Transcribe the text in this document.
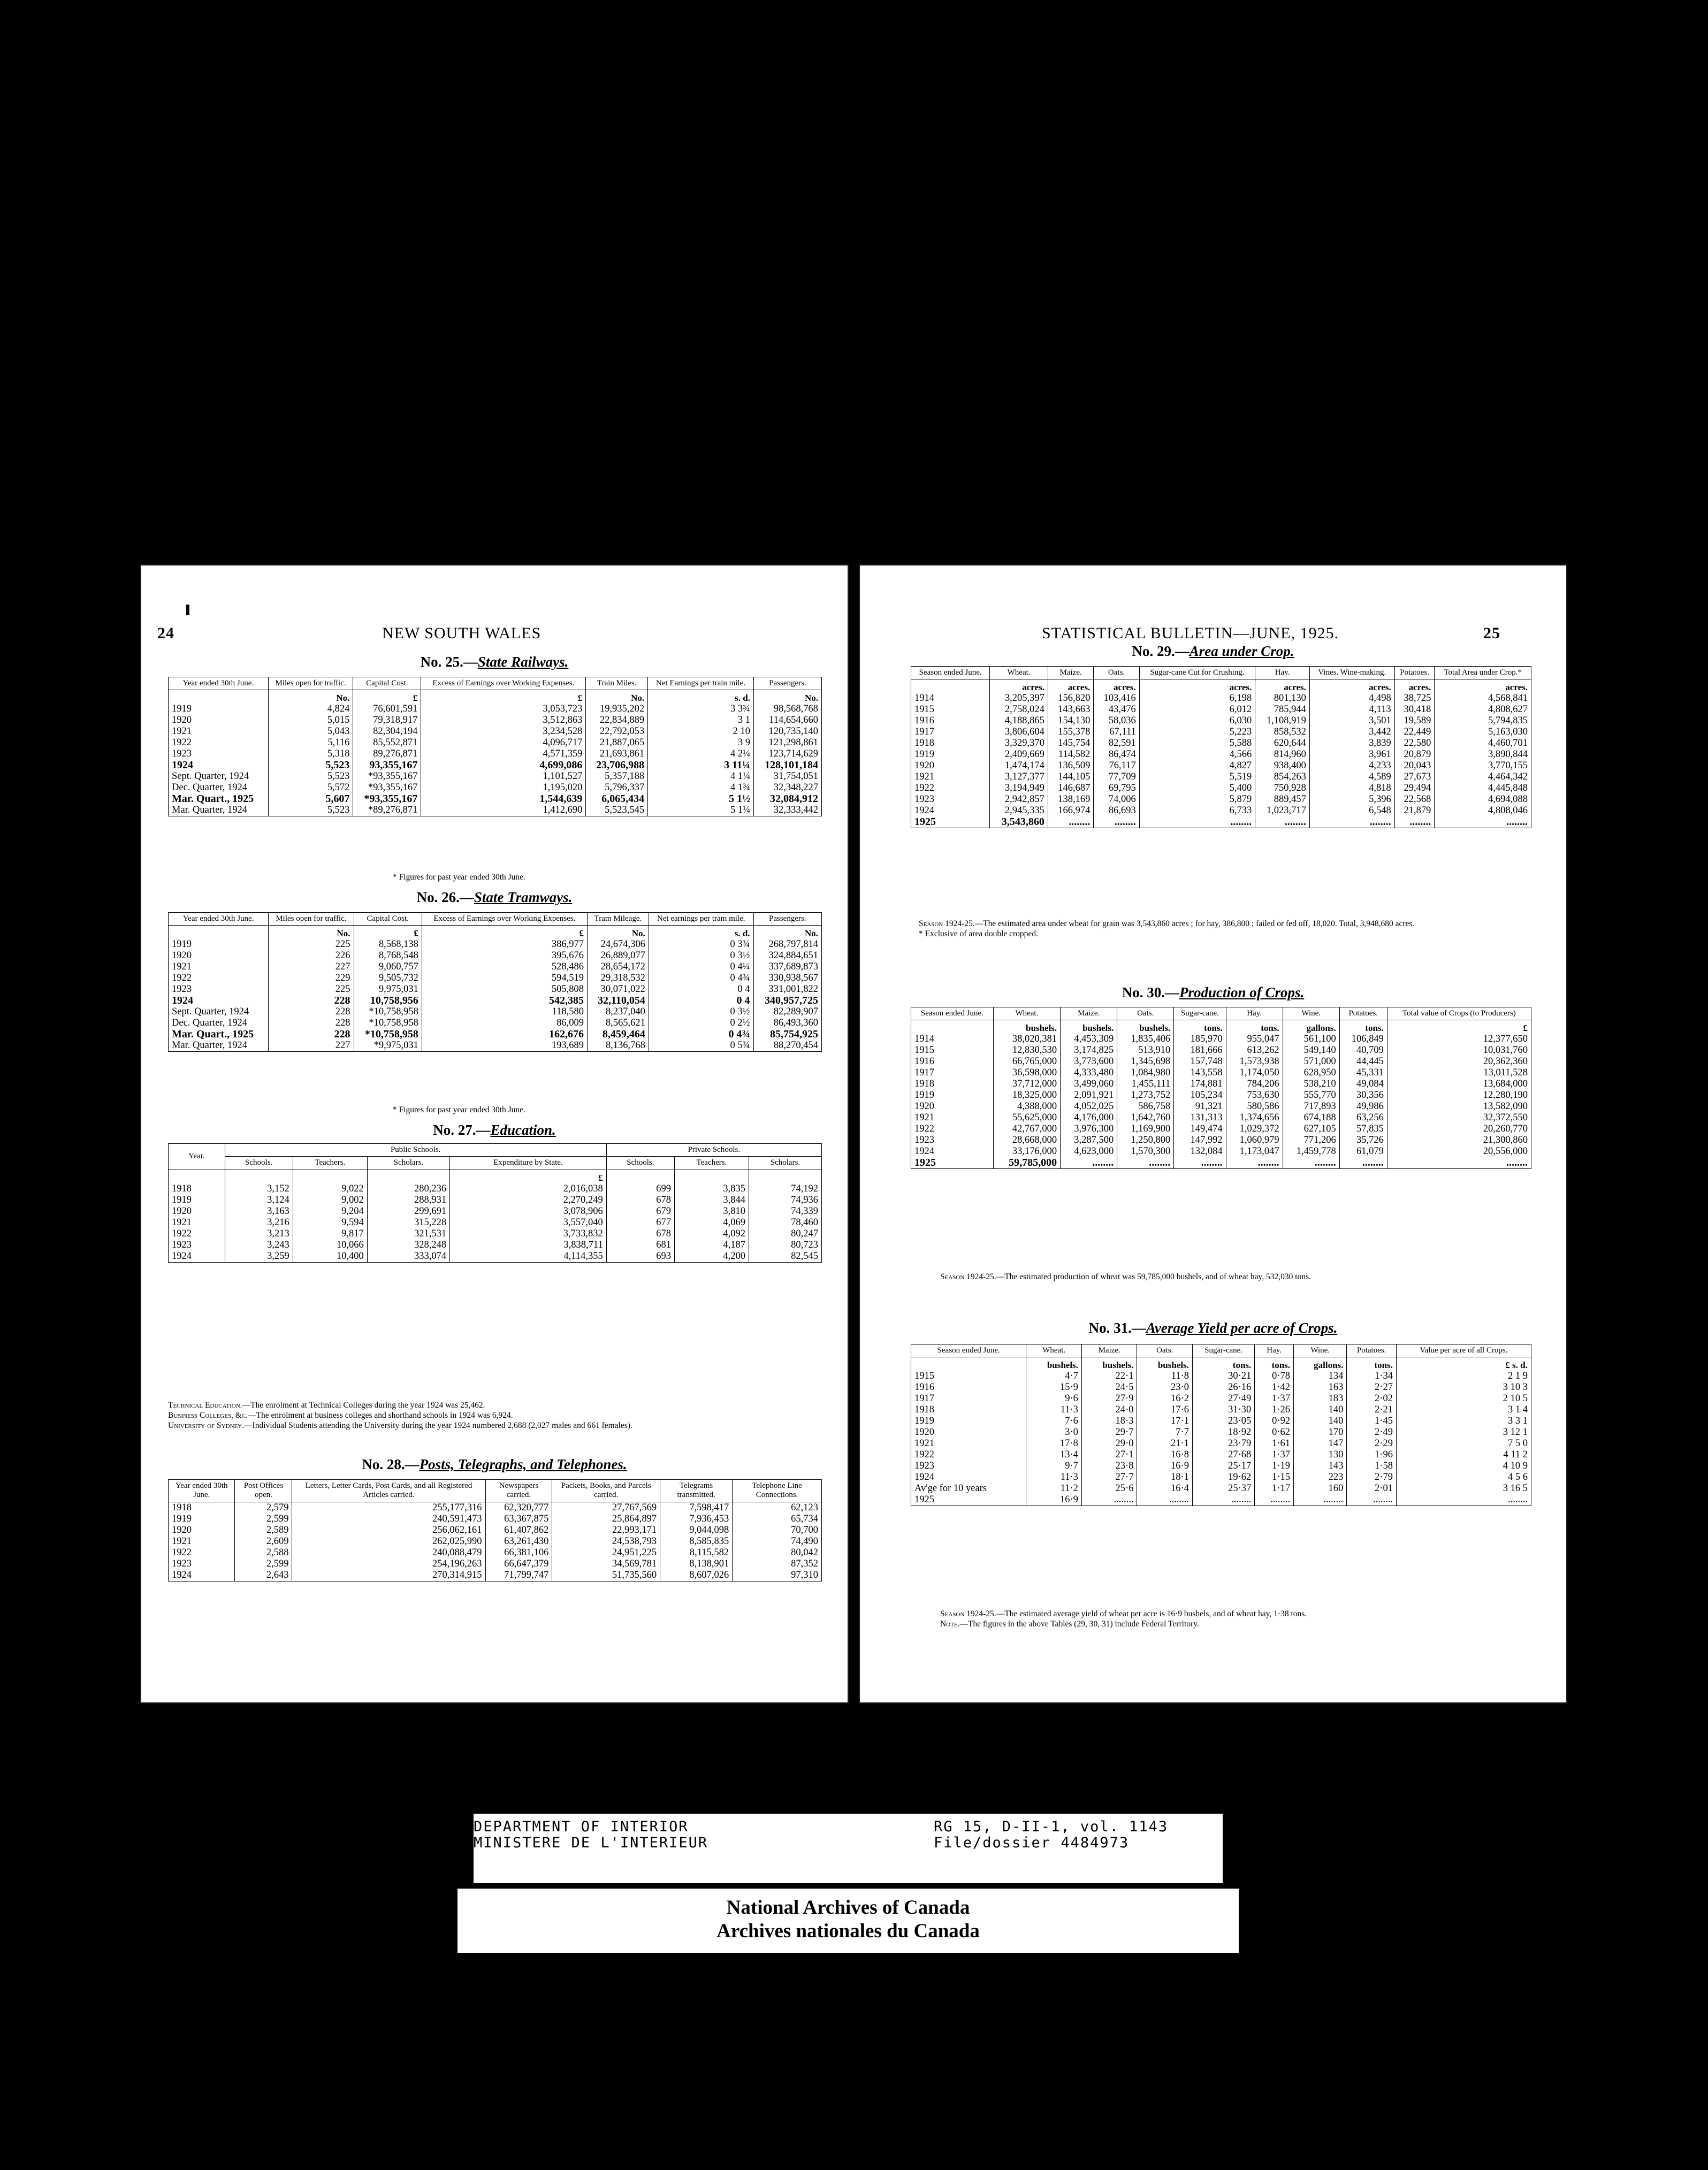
24	NEW SOUTH WALES
No. 25.—State Railways.
Year ended 30th June.	Miles open for traffic.	Capital Cost.	Excess of Earnings over Working Expenses.	Train Miles.	Net Earnings per train mile.	Passengers.
	No.	£	£	No.	s. d.	No.
1919	4,824	76,601,591	3,053,723	19,935,202	3 3¾	98,568,768
1920	5,015	79,318,917	3,512,863	22,834,889	3 1	114,654,660
1921	5,043	82,304,194	3,234,528	22,792,053	2 10	120,735,140
1922	5,116	85,552,871	4,096,717	21,887,065	3 9	121,298,861
1923	5,318	89,276,871	4,571,359	21,693,861	4 2¼	123,714,629
1924	5,523	93,355,167	4,699,086	23,706,988	3 11¼	128,101,184
Sept. Quarter, 1924	5,523	*93,355,167	1,101,527	5,357,188	4 1¼	31,754,051
Dec. Quarter, 1924	5,572	*93,355,167	1,195,020	5,796,337	4 1¾	32,348,227
Mar. Quart., 1925	5,607	*93,355,167	1,544,639	6,065,434	5 1½	32,084,912
Mar. Quarter, 1924	5,523	*89,276,871	1,412,690	5,523,545	5 1¼	32,333,442
* Figures for past year ended 30th June.
No. 26.—State Tramways.
Year ended 30th June.	Miles open for traffic.	Capital Cost.	Excess of Earnings over Working Expenses.	Tram Mileage.	Net earnings per tram mile.	Passengers.
	No.	£	£	No.	s. d.	No.
1919	225	8,568,138	386,977	24,674,306	0 3¾	268,797,814
1920	226	8,768,548	395,676	26,889,077	0 3½	324,884,651
1921	227	9,060,757	528,486	28,654,172	0 4¼	337,689,873
1922	229	9,505,732	594,519	29,318,532	0 4¾	330,938,567
1923	225	9,975,031	505,808	30,071,022	0 4	331,001,822
1924	228	10,758,956	542,385	32,110,054	0 4	340,957,725
Sept. Quarter, 1924	228	*10,758,958	118,580	8,237,040	0 3½	82,289,907
Dec. Quarter, 1924	228	*10,758,958	86,009	8,565,621	0 2½	86,493,360
Mar. Quart., 1925	228	*10,758,958	162,676	8,459,464	0 4¾	85,754,925
Mar. Quarter, 1924	227	*9,975,031	193,689	8,136,768	0 5¾	88,270,454
* Figures for past year ended 30th June.
No. 27.—Education.
Year.	Public Schools.				Private Schools.		
	Schools.	Teachers.	Scholars.	Expenditure by State.	Schools.	Teachers.	Scholars.
				£			
1918	3,152	9,022	280,236	2,016,038	699	3,835	74,192
1919	3,124	9,002	288,931	2,270,249	678	3,844	74,936
1920	3,163	9,204	299,691	3,078,906	679	3,810	74,339
1921	3,216	9,594	315,228	3,557,040	677	4,069	78,460
1922	3,213	9,817	321,531	3,733,832	678	4,092	80,247
1923	3,243	10,066	328,248	3,838,711	681	4,187	80,723
1924	3,259	10,400	333,074	4,114,355	693	4,200	82,545
Technical Education.—The enrolment at Technical Colleges during the year 1924 was 25,462.
Business Colleges, &c.—The enrolment at business colleges and shorthand schools in 1924 was 6,924.
University of Sydney.—Individual Students attending the University during the year 1924 numbered 2,688 (2,027 males and 661 females).
No. 28.—Posts, Telegraphs, and Telephones.
Year ended 30th June.	Post Offices open.	Letters, Letter Cards, Post Cards, and all Registered Articles carried.	Newspapers carried.	Packets, Books, and Parcels carried.	Telegrams transmitted.	Telephone Line Connections.
1918	2,579	255,177,316	62,320,777	27,767,569	7,598,417	62,123
1919	2,599	240,591,473	63,367,875	25,864,897	7,936,453	65,734
1920	2,589	256,062,161	61,407,862	22,993,171	9,044,098	70,700
1921	2,609	262,025,990	63,261,430	24,538,793	8,585,835	74,490
1922	2,588	240,088,479	66,381,106	24,951,225	8,115,582	80,042
1923	2,599	254,196,263	66,647,379	34,569,781	8,138,901	87,352
1924	2,643	270,314,915	71,799,747	51,735,560	8,607,026	97,310
STATISTICAL BULLETIN—JUNE, 1925.	25
No. 29.—Area under Crop.
Season ended June.	Wheat.	Maize.	Oats.	Sugar-cane Cut for Crushing.	Hay.	Vines. Wine-making.	Potatoes.	Total Area under Crop.*
	acres.	acres.	acres.	acres.	acres.	acres.	acres.	acres.
1914	3,205,397	156,820	103,416	6,198	801,130	4,498	38,725	4,568,841
1915	2,758,024	143,663	43,476	6,012	785,944	4,113	30,418	4,808,627
1916	4,188,865	154,130	58,036	6,030	1,108,919	3,501	19,589	5,794,835
1917	3,806,604	155,378	67,111	5,223	858,532	3,442	22,449	5,163,030
1918	3,329,370	145,754	82,591	5,588	620,644	3,839	22,580	4,460,701
1919	2,409,669	114,582	86,474	4,566	814,960	3,961	20,879	3,890,844
1920	1,474,174	136,509	76,117	4,827	938,400	4,233	20,043	3,770,155
1921	3,127,377	144,105	77,709	5,519	854,263	4,589	27,673	4,464,342
1922	3,194,949	146,687	69,795	5,400	750,928	4,818	29,494	4,445,848
1923	2,942,857	138,169	74,006	5,879	889,457	5,396	22,568	4,694,088
1924	2,945,335	166,974	86,693	6,733	1,023,717	6,548	21,879	4,808,046
1925	3,543,860	........	........	........	........	........	........	........
Season 1924-25.—The estimated area under wheat for grain was 3,543,860 acres ; for hay, 386,800 ; failed or fed off, 18,020. Total, 3,948,680 acres.
* Exclusive of area double cropped.
No. 30.—Production of Crops.
Season ended June.	Wheat.	Maize.	Oats.	Sugar-cane.	Hay.	Wine.	Potatoes.	Total value of Crops (to Producers)
	bushels.	bushels.	bushels.	tons.	tons.	gallons.	tons.	£
1914	38,020,381	4,453,309	1,835,406	185,970	955,047	561,100	106,849	12,377,650
1915	12,830,530	3,174,825	513,910	181,666	613,262	549,140	40,709	10,031,760
1916	66,765,000	3,773,600	1,345,698	157,748	1,573,938	571,000	44,445	20,362,360
1917	36,598,000	4,333,480	1,084,980	143,558	1,174,050	628,950	45,331	13,011,528
1918	37,712,000	3,499,060	1,455,111	174,881	784,206	538,210	49,084	13,684,000
1919	18,325,000	2,091,921	1,273,752	105,234	753,630	555,770	30,356	12,280,190
1920	4,388,000	4,052,025	586,758	91,321	580,586	717,893	49,986	13,582,090
1921	55,625,000	4,176,000	1,642,760	131,313	1,374,656	674,188	63,256	32,372,550
1922	42,767,000	3,976,300	1,169,900	149,474	1,029,372	627,105	57,835	20,260,770
1923	28,668,000	3,287,500	1,250,800	147,992	1,060,979	771,206	35,726	21,300,860
1924	33,176,000	4,623,000	1,570,300	132,084	1,173,047	1,459,778	61,079	20,556,000
1925	59,785,000	........	........	........	........	........	........	........
Season 1924-25.—The estimated production of wheat was 59,785,000 bushels, and of wheat hay, 532,030 tons.
No. 31.—Average Yield per acre of Crops.
Season ended June.	Wheat.	Maize.	Oats.	Sugar-cane.	Hay.	Wine.	Potatoes.	Value per acre of all Crops.
	bushels.	bushels.	bushels.	tons.	tons.	gallons.	tons.	£ s. d.
1915	4·7	22·1	11·8	30·21	0·78	134	1·34	2 1 9
1916	15·9	24·5	23·0	26·16	1·42	163	2·27	3 10 3
1917	9·6	27·9	16·2	27·49	1·37	183	2·02	2 10 5
1918	11·3	24·0	17·6	31·30	1·26	140	2·21	3 1 4
1919	7·6	18·3	17·1	23·05	0·92	140	1·45	3 3 1
1920	3·0	29·7	7·7	18·92	0·62	170	2·49	3 12 1
1921	17·8	29·0	21·1	23·79	1·61	147	2·29	7 5 0
1922	13·4	27·1	16·8	27·68	1·37	130	1·96	4 11 2
1923	9·7	23·8	16·9	25·17	1·19	143	1·58	4 10 9
1924	11·3	27·7	18·1	19·62	1·15	223	2·79	4 5 6
Av'ge for 10 years	11·2	25·6	16·4	25·37	1·17	160	2·01	3 16 5
1925	16·9	........	........	........	........	........	........	........
Season 1924-25.—The estimated average yield of wheat per acre is 16·9 bushels, and of wheat hay, 1·38 tons.
Note.—The figures in the above Tables (29, 30, 31) include Federal Territory.
DEPARTMENT OF INTERIOR
MINISTERE DE L'INTERIEUR
RG 15, D-II-1, vol. 1143
File/dossier 4484973
National Archives of Canada
Archives nationales du Canada
